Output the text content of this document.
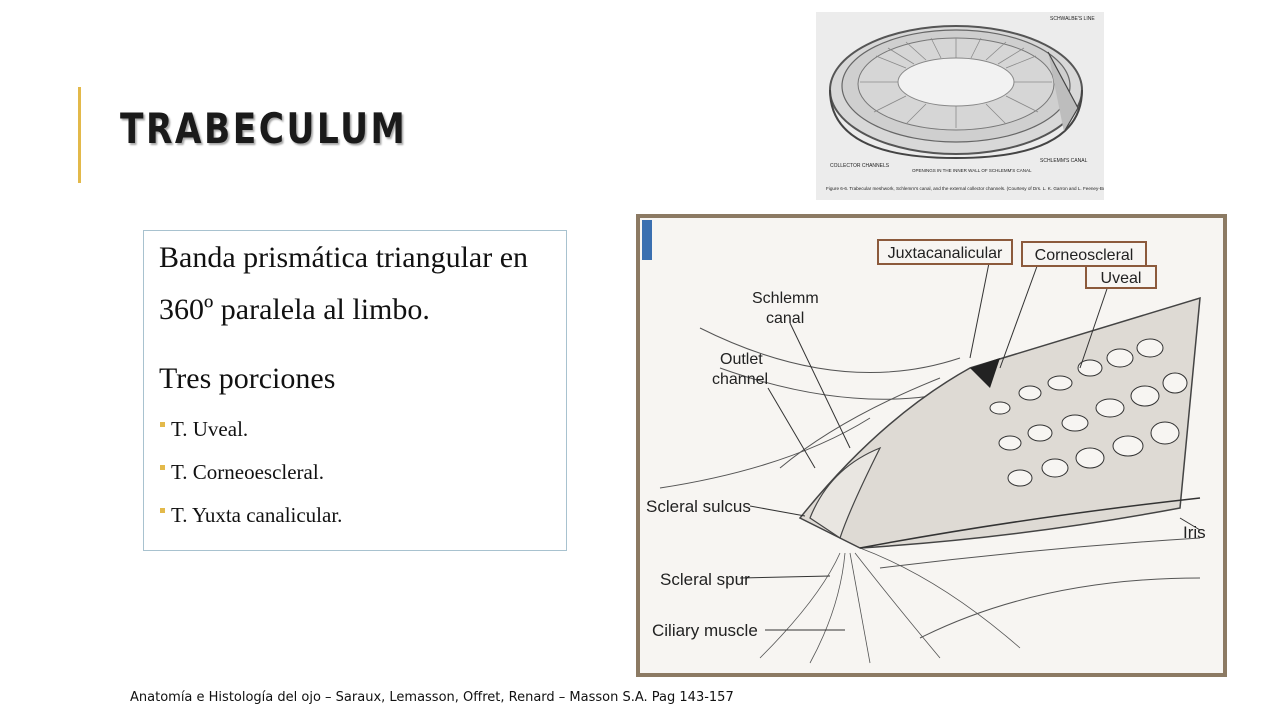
TRABECULUM

Banda prismática triangular en 360º paralela al limbo.

Tres porciones

T. Uveal.
T. Corneoescleral.
T. Yuxta canalicular.
Anatomía e Histología del ojo – Saraux, Lemasson, Offret, Renard – Masson S.A. Pag 143-157
SCHWALBE'S LINE
COLLECTOR CHANNELS
OPENINGS IN THE INNER WALL OF SCHLEMM'S CANAL
SCHLEMM'S CANAL
Figure 6-6. Trabecular meshwork, Schlemm's canal, and the external collector channels. (Courtesy of Drs. L. K. Garron and L. Feeney-Burns.)
Juxtacanalicular Corneoscleral
Uveal
Schlemm
canal
Outlet
channel
Scleral sulcus
Scleral spur
Ciliary muscle
Iris
